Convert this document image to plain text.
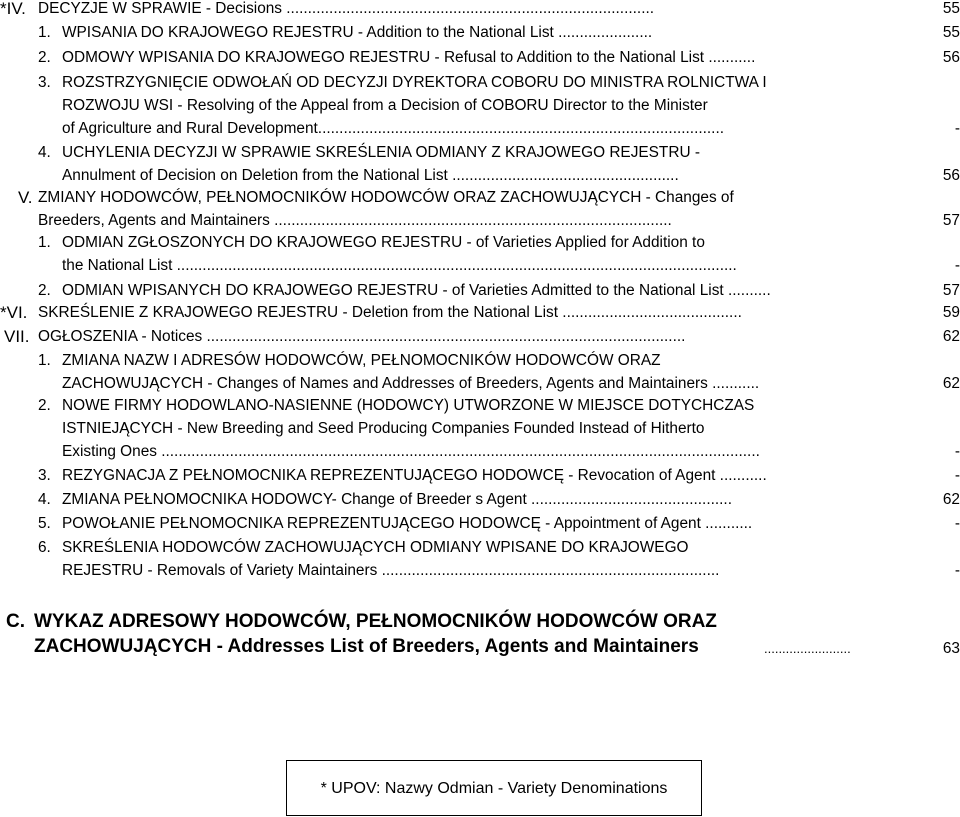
*IV. DECYZJE W SPRAWIE - Decisions ......................................................................................	55
1. WPISANIA DO KRAJOWEGO REJESTRU - Addition to the National List ......................	55
2. ODMOWY WPISANIA DO KRAJOWEGO REJESTRU - Refusal to Addition to the National List ...........	56
3. ROZSTRZYGNIĘCIE ODWOŁAŃ OD DECYZJI DYREKTORA COBORU DO MINISTRA ROLNICTWA I
ROZWOJU WSI - Resolving of the Appeal from a Decision of COBORU Director to the Minister
of Agriculture and Rural Development...............................................................................................	-
4. UCHYLENIA DECYZJI W SPRAWIE SKREŚLENIA ODMIANY Z KRAJOWEGO REJESTRU -
Annulment of Decision on Deletion from the National List .....................................................	56
V. ZMIANY HODOWCÓW, PEŁNOMOCNIKÓW HODOWCÓW ORAZ ZACHOWUJĄCYCH - Changes of
Breeders, Agents and Maintainers .............................................................................................	57
1. ODMIAN ZGŁOSZONYCH DO KRAJOWEGO REJESTRU - of Varieties Applied for Addition to
the National List ...................................................................................................................................	-
2. ODMIAN WPISANYCH DO KRAJOWEGO REJESTRU - of Varieties Admitted to the National List ..........	57
*VI. SKREŚLENIE Z KRAJOWEGO REJESTRU - Deletion from the National List ..........................................	59
VII. OGŁOSZENIA - Notices ................................................................................................................	62
1. ZMIANA NAZW I ADRESÓW HODOWCÓW, PEŁNOMOCNIKÓW HODOWCÓW ORAZ
ZACHOWUJĄCYCH - Changes of Names and Addresses of Breeders, Agents and Maintainers ...........	62
2. NOWE FIRMY HODOWLANO-NASIENNE (HODOWCY) UTWORZONE W MIEJSCE DOTYCHCZAS
ISTNIEJĄCYCH - New Breeding and Seed Producing Companies Founded Instead of Hitherto
Existing Ones ............................................................................................................................................	-
3. REZYGNACJA Z PEŁNOMOCNIKA REPREZENTUJĄCEGO HODOWCĘ - Revocation of Agent ...........	-
4. ZMIANA PEŁNOMOCNIKA HODOWCY- Change of Breeder s Agent ...............................................	62
5. POWOŁANIE PEŁNOMOCNIKA REPREZENTUJĄCEGO HODOWCĘ - Appointment of Agent ...........	-
6. SKREŚLENIA HODOWCÓW ZACHOWUJĄCYCH ODMIANY WPISANE DO KRAJOWEGO
REJESTRU - Removals of Variety Maintainers ...............................................................................	-
C. WYKAZ ADRESOWY HODOWCÓW, PEŁNOMOCNIKÓW HODOWCÓW ORAZ
ZACHOWUJĄCYCH - Addresses List of Breeders, Agents and Maintainers	........................	63
* UPOV: Nazwy Odmian - Variety Denominations
